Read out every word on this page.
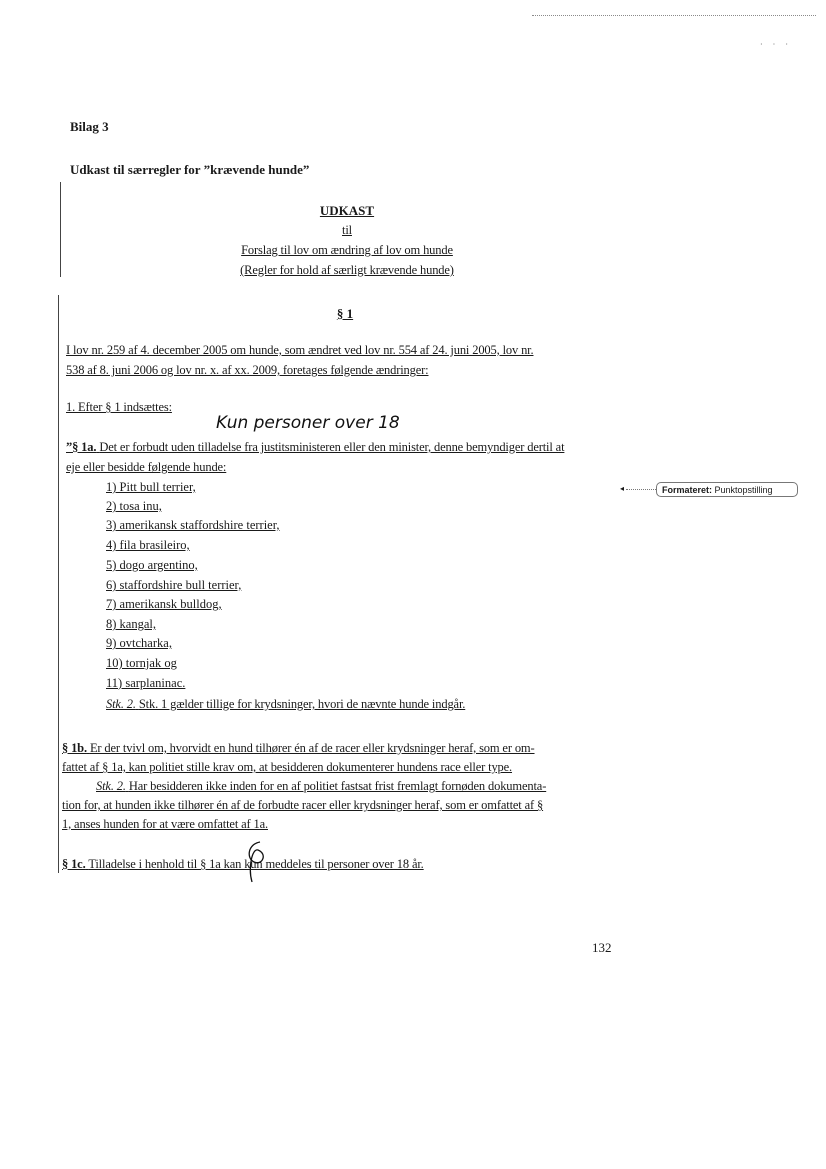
·     ·     ·
Bilag 3
Udkast til særregler for ”krævende hunde”
UDKAST
til
Forslag til lov om ændring af lov om hunde
(Regler for hold af særligt krævende hunde)
§ 1
I lov nr. 259 af 4. december 2005 om hunde, som ændret ved lov nr. 554 af 24. juni 2005, lov nr.
538 af 8. juni 2006 og lov nr. x. af xx. 2009, foretages følgende ændringer:
1. Efter § 1 indsættes:
Kun personer over 18
”§ 1a. Det er forbudt uden tilladelse fra justitsministeren eller den minister, denne bemyndiger dertil at
eje eller besidde følgende hunde:
1) Pitt bull terrier,
2) tosa inu,
3) amerikansk staffordshire terrier,
4) fila brasileiro,
5) dogo argentino,
6) staffordshire bull terrier,
7) amerikansk bulldog,
8) kangal,
9) ovtcharka,
10) tornjak og
11) sarplaninac.
Stk. 2. Stk. 1 gælder tillige for krydsninger, hvori de nævnte hunde indgår.
§ 1b. Er der tvivl om, hvorvidt en hund tilhører én af de racer eller krydsninger heraf, som er om-
fattet af § 1a, kan politiet stille krav om, at besidderen dokumenterer hundens race eller type.
Stk. 2. Har besidderen ikke inden for en af politiet fastsat frist fremlagt fornøden dokumenta-
tion for, at hunden ikke tilhører én af de forbudte racer eller krydsninger heraf, som er omfattet af §
1, anses hunden for at være omfattet af 1a.
§ 1c. Tilladelse i henhold til § 1a kan kun meddeles til personer over 18 år.
◂	Formateret: Punktopstilling
132
